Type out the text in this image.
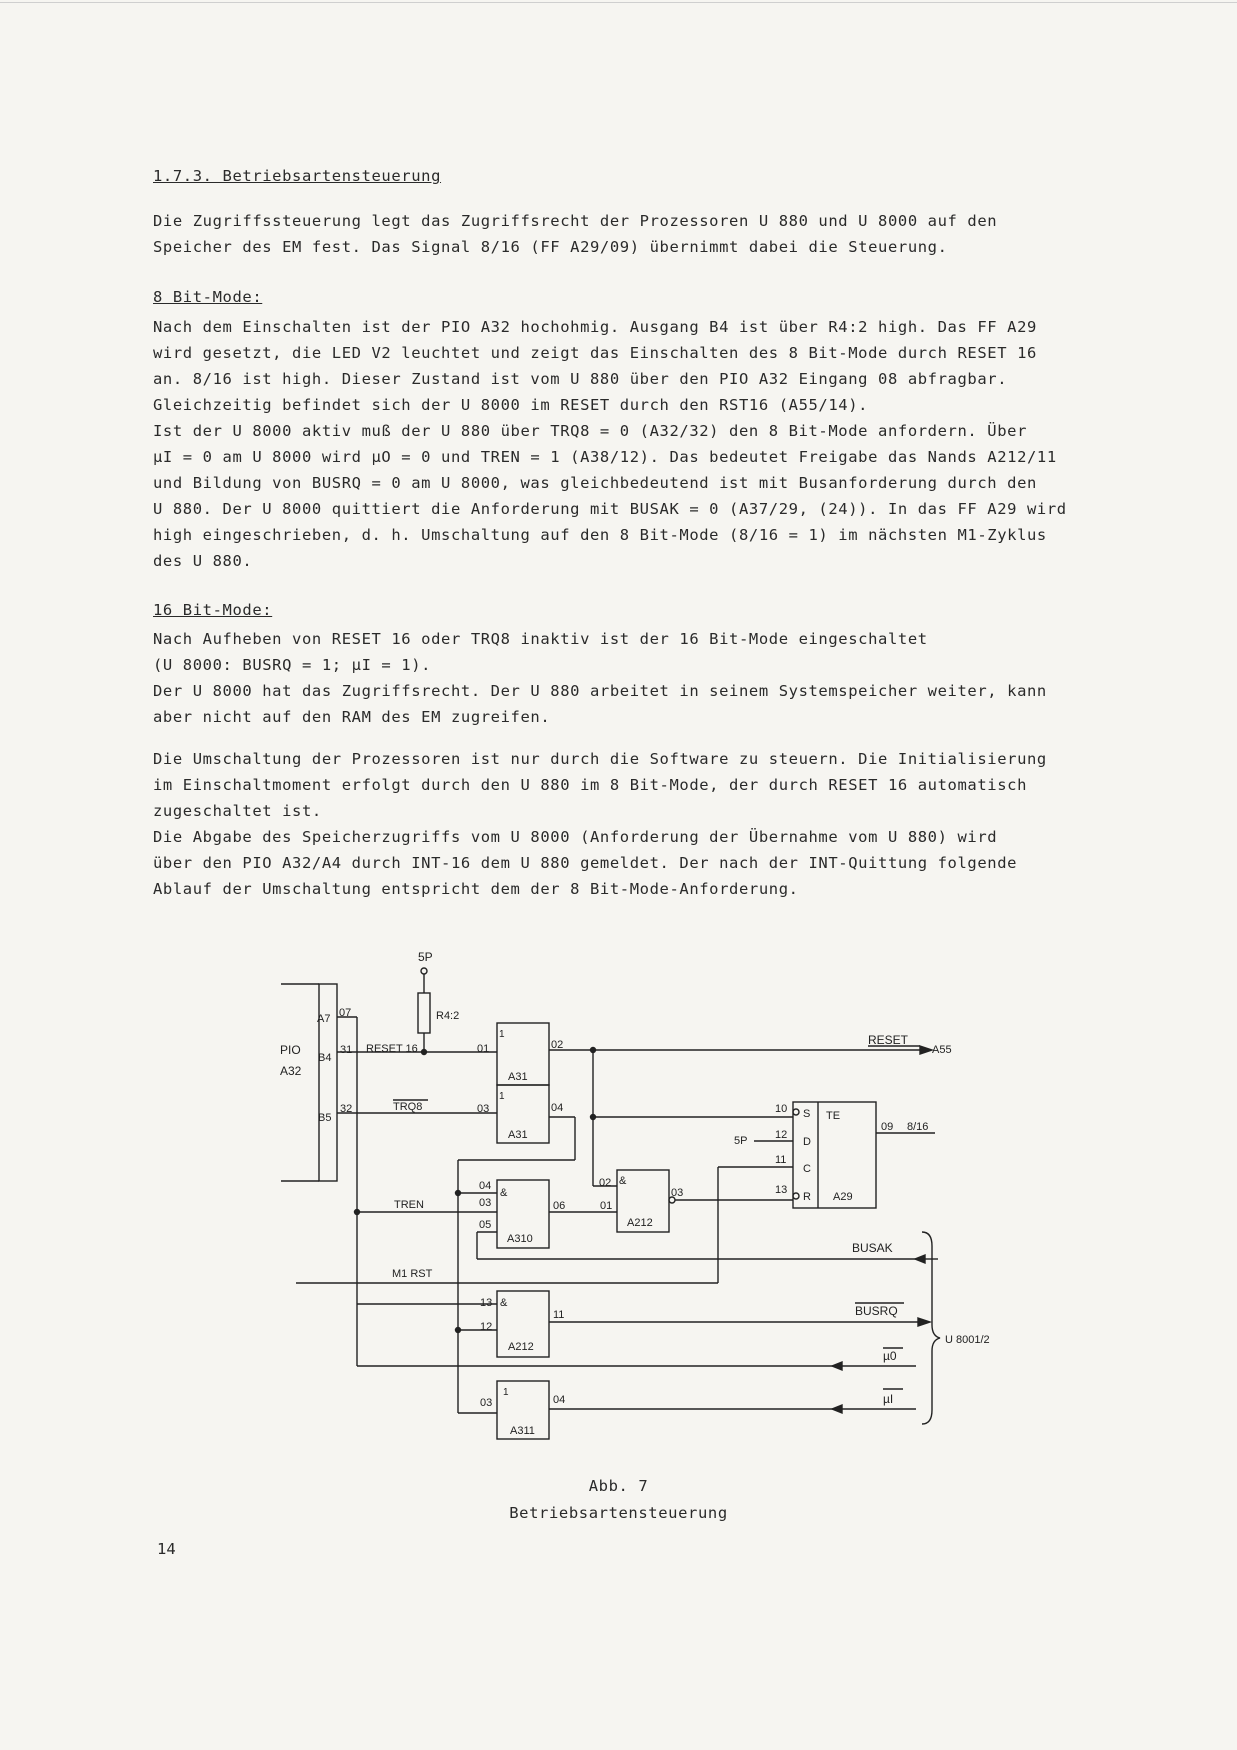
1.7.3. Betriebsartensteuerung
Die Zugriffssteuerung legt das Zugriffsrecht der Prozessoren U 880 und U 8000 auf den
Speicher des EM fest. Das Signal 8/16 (FF A29/09) übernimmt dabei die Steuerung.
8 Bit-Mode:
Nach dem Einschalten ist der PIO A32 hochohmig. Ausgang B4 ist über R4:2 high. Das FF A29
wird gesetzt, die LED V2 leuchtet und zeigt das Einschalten des 8 Bit-Mode durch RESET 16
an. 8/16 ist high. Dieser Zustand ist vom U 880 über den PIO A32 Eingang 08 abfragbar.
Gleichzeitig befindet sich der U 8000 im RESET durch den RST16 (A55/14).
Ist der U 8000 aktiv muß der U 880 über TRQ8 = 0 (A32/32) den 8 Bit-Mode anfordern. Über
µI = 0 am U 8000 wird µO = 0 und TREN = 1 (A38/12). Das bedeutet Freigabe das Nands A212/11
und Bildung von BUSRQ = 0 am U 8000, was gleichbedeutend ist mit Busanforderung durch den
U 880. Der U 8000 quittiert die Anforderung mit BUSAK = 0 (A37/29, (24)). In das FF A29 wird
high eingeschrieben, d. h. Umschaltung auf den 8 Bit-Mode (8/16 = 1) im nächsten M1-Zyklus
des U 880.
16 Bit-Mode:
Nach Aufheben von RESET 16 oder TRQ8 inaktiv ist der 16 Bit-Mode eingeschaltet
(U 8000: BUSRQ = 1; µI = 1).
Der U 8000 hat das Zugriffsrecht. Der U 880 arbeitet in seinem Systemspeicher weiter, kann
aber nicht auf den RAM des EM zugreifen.
Die Umschaltung der Prozessoren ist nur durch die Software zu steuern. Die Initialisierung
im Einschaltmoment erfolgt durch den U 880 im 8 Bit-Mode, der durch RESET 16 automatisch
zugeschaltet ist.
Die Abgabe des Speicherzugriffs vom U 8000 (Anforderung der Übernahme vom U 880) wird
über den PIO A32/A4 durch INT-16 dem U 880 gemeldet. Der nach der INT-Quittung folgende
Ablauf der Umschaltung entspricht dem der 8 Bit-Mode-Anforderung.
PIO
A32
A7
B4
B5
07
31
32
5P
R4:2
RESET 16	01
1
A31
02	RESET
A55
1
A31
TRQ8	03	04
&
A310
04
03
05
TREN	06	01
02 &
A212
03
S
D
C
R
TE
A29
10
12
11
13
5P
09 8/16
BUSAK
M1 RST
&
A212
13
12
11	BUSRQ
µ0
1
A311
03	04	µI
U 8001/2
Abb. 7
Betriebsartensteuerung
14
